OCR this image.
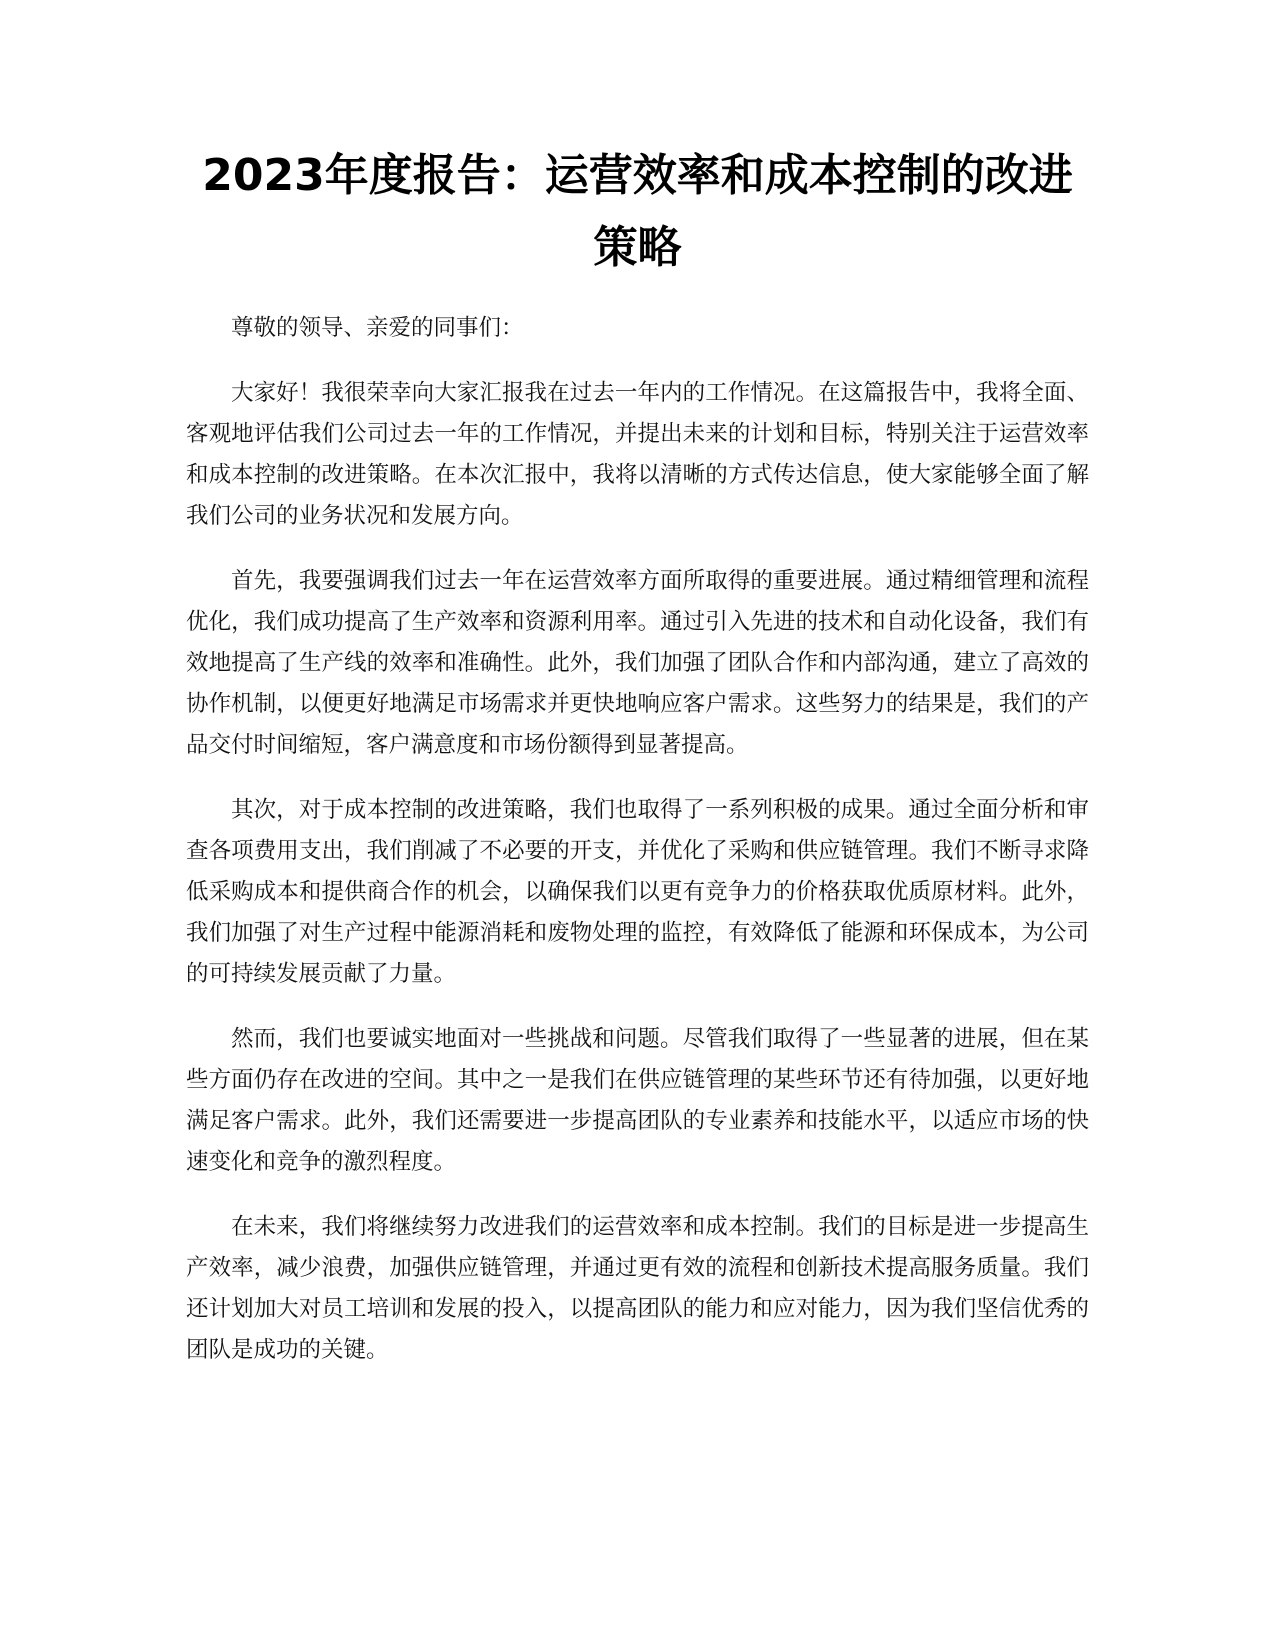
2023年度报告：运营效率和成本控制的改进策略

尊敬的领导、亲爱的同事们：

大家好！我很荣幸向大家汇报我在过去一年内的工作情况。在这篇报告中，我将全面、客观地评估我们公司过去一年的工作情况，并提出未来的计划和目标，特别关注于运营效率和成本控制的改进策略。在本次汇报中，我将以清晰的方式传达信息，使大家能够全面了解我们公司的业务状况和发展方向。

首先，我要强调我们过去一年在运营效率方面所取得的重要进展。通过精细管理和流程优化，我们成功提高了生产效率和资源利用率。通过引入先进的技术和自动化设备，我们有效地提高了生产线的效率和准确性。此外，我们加强了团队合作和内部沟通，建立了高效的协作机制，以便更好地满足市场需求并更快地响应客户需求。这些努力的结果是，我们的产品交付时间缩短，客户满意度和市场份额得到显著提高。

其次，对于成本控制的改进策略，我们也取得了一系列积极的成果。通过全面分析和审查各项费用支出，我们削减了不必要的开支，并优化了采购和供应链管理。我们不断寻求降低采购成本和提供商合作的机会，以确保我们以更有竞争力的价格获取优质原材料。此外，我们加强了对生产过程中能源消耗和废物处理的监控，有效降低了能源和环保成本，为公司的可持续发展贡献了力量。

然而，我们也要诚实地面对一些挑战和问题。尽管我们取得了一些显著的进展，但在某些方面仍存在改进的空间。其中之一是我们在供应链管理的某些环节还有待加强，以更好地满足客户需求。此外，我们还需要进一步提高团队的专业素养和技能水平，以适应市场的快速变化和竞争的激烈程度。

在未来，我们将继续努力改进我们的运营效率和成本控制。我们的目标是进一步提高生产效率，减少浪费，加强供应链管理，并通过更有效的流程和创新技术提高服务质量。我们还计划加大对员工培训和发展的投入，以提高团队的能力和应对能力，因为我们坚信优秀的团队是成功的关键。
